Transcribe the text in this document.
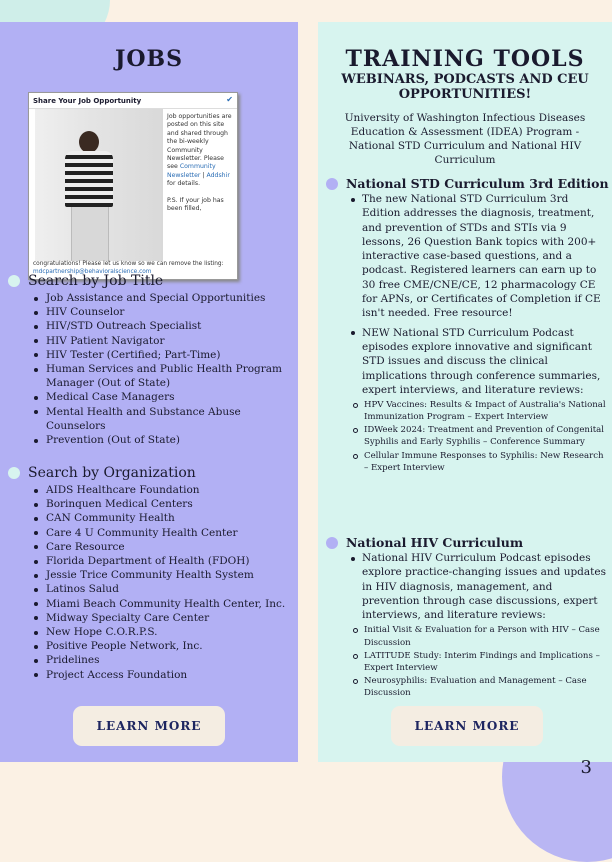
JOBS
Share Your Job Opportunity	✔
Job opportunities are posted on this site and shared through the bi-weekly Community Newsletter. Please see Community Newsletter | Addshir for details.

P.S. If your job has been filled,
congratulations! Please let us know so we can remove the listing: mdcpartnership@behavioralscience.com
Search by Job Title
Job Assistance and Special Opportunities
HIV Counselor
HIV/STD Outreach Specialist
HIV Patient Navigator
HIV Tester (Certified; Part-Time)
Human Services and Public Health Program Manager (Out of State)
Medical Case Managers
Mental Health and Substance Abuse Counselors
Prevention (Out of State)
Search by Organization
AIDS Healthcare Foundation
Borinquen Medical Centers
CAN Community Health
Care 4 U Community Health Center
Care Resource
Florida Department of Health (FDOH)
Jessie Trice Community Health System
Latinos Salud
Miami Beach Community Health Center, Inc.
Midway Specialty Care Center
New Hope C.O.R.P.S.
Positive People Network, Inc.
Pridelines
Project Access Foundation
LEARN MORE
TRAINING TOOLS
WEBINARS, PODCASTS AND CEU OPPORTUNITIES!
University of Washington Infectious Diseases Education & Assessment (IDEA) Program - National STD Curriculum and National HIV Curriculum
National STD Curriculum 3rd Edition
The new National STD Curriculum 3rd Edition addresses the diagnosis, treatment, and prevention of STDs and STIs via 9 lessons, 26 Question Bank topics with 200+ interactive case-based questions, and a podcast. Registered learners can earn up to 30 free CME/CNE/CE, 12 pharmacology CE for APNs, or Certificates of Completion if CE isn't needed. Free resource!
NEW National STD Curriculum Podcast episodes explore innovative and significant STD issues and discuss the clinical implications through conference summaries, expert interviews, and literature reviews:
HPV Vaccines: Results & Impact of Australia's National Immunization Program – Expert Interview
IDWeek 2024: Treatment and Prevention of Congenital Syphilis and Early Syphilis – Conference Summary
Cellular Immune Responses to Syphilis: New Research – Expert Interview
National HIV Curriculum
National HIV Curriculum Podcast episodes explore practice-changing issues and updates in HIV diagnosis, management, and prevention through case discussions, expert interviews, and literature reviews:
Initial Visit & Evaluation for a Person with HIV – Case Discussion
LATITUDE Study: Interim Findings and Implications – Expert Interview
Neurosyphilis: Evaluation and Management – Case Discussion
LEARN MORE
3
